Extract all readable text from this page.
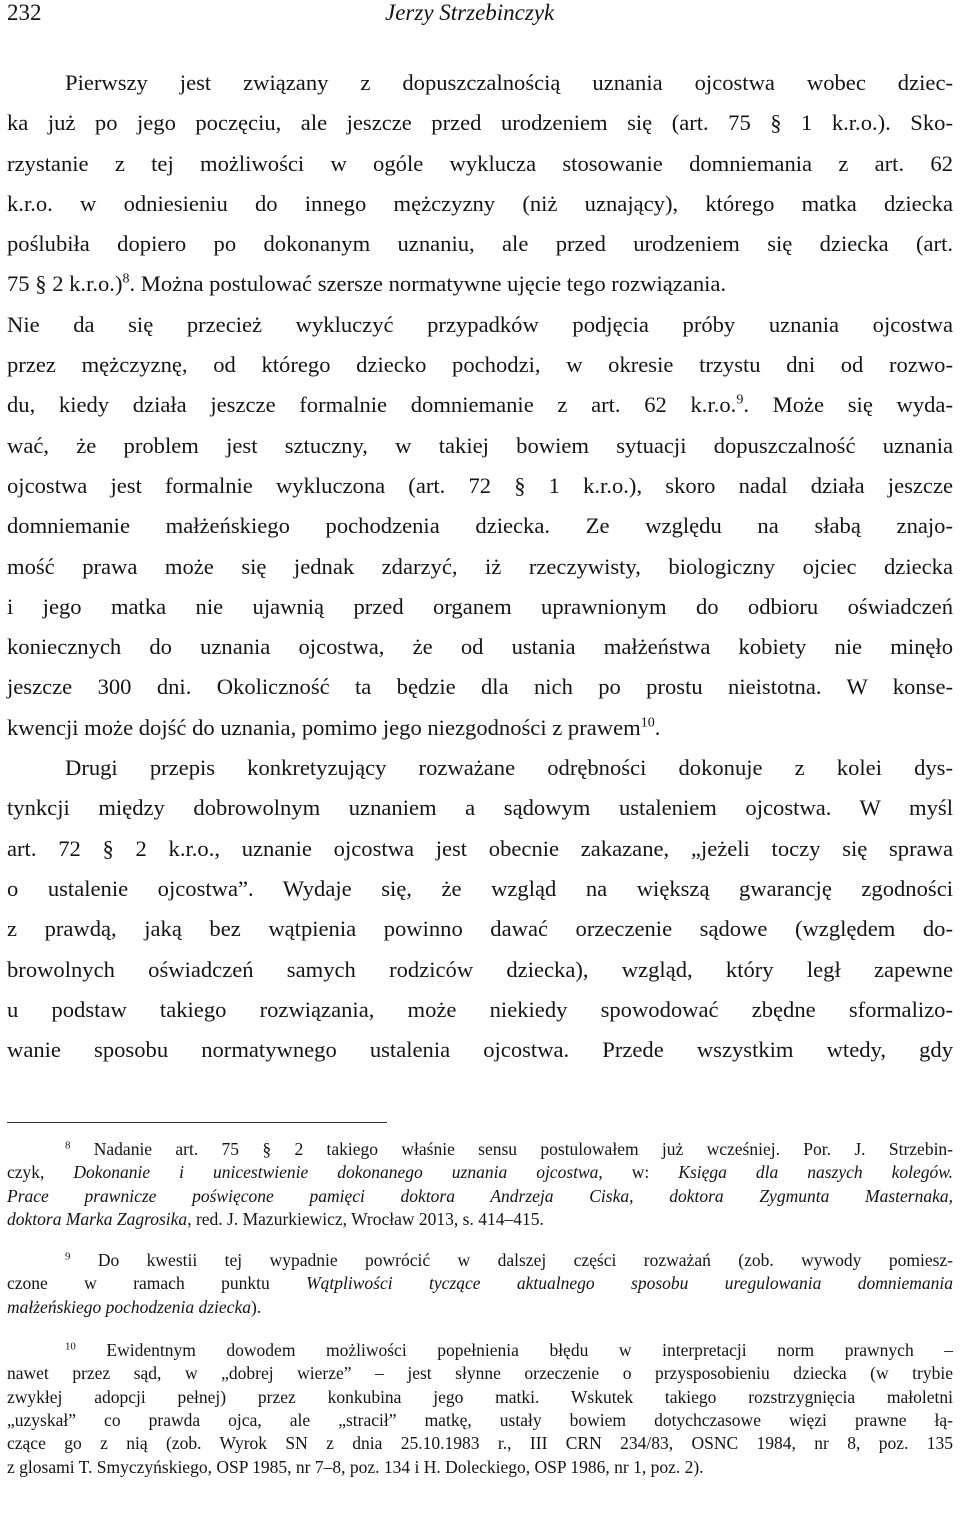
232	Jerzy Strzebinczyk
Pierwszy jest związany z dopuszczalnością uznania ojcostwa wobec dziec-
ka już po jego poczęciu, ale jeszcze przed urodzeniem się (art. 75 § 1 k.r.o.). Sko-
rzystanie z tej możliwości w ogóle wyklucza stosowanie domniemania z art. 62
k.r.o. w odniesieniu do innego mężczyzny (niż uznający), którego matka dziecka
poślubiła dopiero po dokonanym uznaniu, ale przed urodzeniem się dziecka (art.
75 § 2 k.r.o.)$^8$. Można postulować szersze normatywne ujęcie tego rozwiązania.
Nie da się przecież wykluczyć przypadków podjęcia próby uznania ojcostwa
przez mężczyznę, od którego dziecko pochodzi, w okresie trzystu dni od rozwo-
du, kiedy działa jeszcze formalnie domniemanie z art. 62 k.r.o.$^9$. Może się wyda-
wać, że problem jest sztuczny, w takiej bowiem sytuacji dopuszczalność uznania
ojcostwa jest formalnie wykluczona (art. 72 § 1 k.r.o.), skoro nadal działa jeszcze
domniemanie małżeńskiego pochodzenia dziecka. Ze względu na słabą znajo-
mość prawa może się jednak zdarzyć, iż rzeczywisty, biologiczny ojciec dziecka
i jego matka nie ujawnią przed organem uprawnionym do odbioru oświadczeń
koniecznych do uznania ojcostwa, że od ustania małżeństwa kobiety nie minęło
jeszcze 300 dni. Okoliczność ta będzie dla nich po prostu nieistotna. W konse-
kwencji może dojść do uznania, pomimo jego niezgodności z prawem$^{10}$.
Drugi przepis konkretyzujący rozważane odrębności dokonuje z kolei dys-
tynkcji między dobrowolnym uznaniem a sądowym ustaleniem ojcostwa. W myśl
art. 72 § 2 k.r.o., uznanie ojcostwa jest obecnie zakazane, „jeżeli toczy się sprawa
o ustalenie ojcostwa”. Wydaje się, że wzgląd na większą gwarancję zgodności
z prawdą, jaką bez wątpienia powinno dawać orzeczenie sądowe (względem do-
browolnych oświadczeń samych rodziców dziecka), wzgląd, który legł zapewne
u podstaw takiego rozwiązania, może niekiedy spowodować zbędne sformalizo-
wanie sposobu normatywnego ustalenia ojcostwa. Przede wszystkim wtedy, gdy
$^8$ Nadanie art. 75 § 2 takiego właśnie sensu postulowałem już wcześniej. Por. J. Strzebin-
czyk, Dokonanie i unicestwienie dokonanego uznania ojcostwa, w: Księga dla naszych kolegów.
Prace prawnicze poświęcone pamięci doktora Andrzeja Ciska, doktora Zygmunta Masternaka,
doktora Marka Zagrosika, red. J. Mazurkiewicz, Wrocław 2013, s. 414–415.
$^9$ Do kwestii tej wypadnie powrócić w dalszej części rozważań (zob. wywody pomiesz-
czone w ramach punktu Wątpliwości tyczące aktualnego sposobu uregulowania domniemania
małżeńskiego pochodzenia dziecka).
$^{10}$ Ewidentnym dowodem możliwości popełnienia błędu w interpretacji norm prawnych –
nawet przez sąd, w „dobrej wierze” – jest słynne orzeczenie o przysposobieniu dziecka (w trybie
zwykłej adopcji pełnej) przez konkubina jego matki. Wskutek takiego rozstrzygnięcia małoletni
„uzyskał” co prawda ojca, ale „stracił” matkę, ustały bowiem dotychczasowe więzi prawne łą-
czące go z nią (zob. Wyrok SN z dnia 25.10.1983 r., III CRN 234/83, OSNC 1984, nr 8, poz. 135
z glosami T. Smyczyńskiego, OSP 1985, nr 7–8, poz. 134 i H. Doleckiego, OSP 1986, nr 1, poz. 2).
